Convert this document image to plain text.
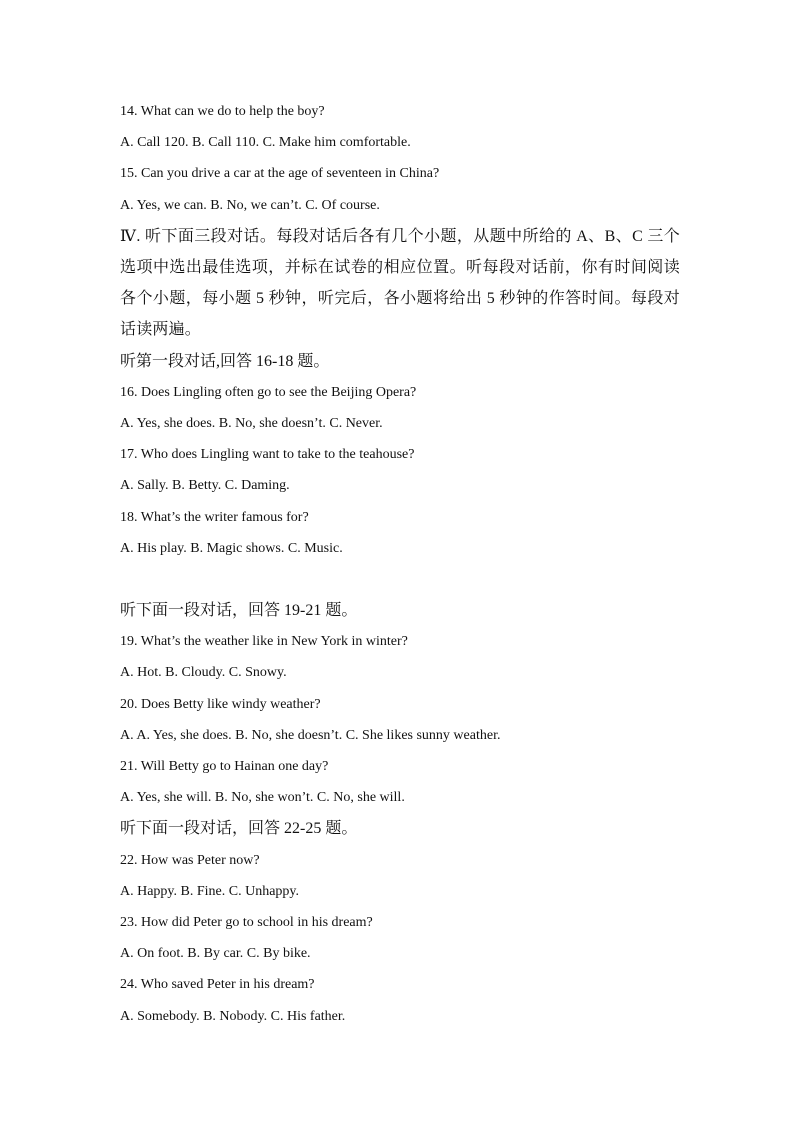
14. What can we do to help the boy?
A. Call 120. B. Call 110. C. Make him comfortable.
15. Can you drive a car at the age of seventeen in China?
A. Yes, we can. B. No, we can’t. C. Of course.
Ⅳ. 听下面三段对话。每段对话后各有几个小题，从题中所给的 A、B、C 三个选项中选出最佳选项，并标在试卷的相应位置。听每段对话前，你有时间阅读各个小题，每小题 5 秒钟，听完后，各小题将给出 5 秒钟的作答时间。每段对话读两遍。
听第一段对话,回答 16-18 题。
16. Does Lingling often go to see the Beijing Opera?
A. Yes, she does. B. No, she doesn’t. C. Never.
17. Who does Lingling want to take to the teahouse?
A. Sally. B. Betty. C. Daming.
18. What’s the writer famous for?
A. His play. B. Magic shows. C. Music.
听下面一段对话，回答 19-21 题。
19. What’s the weather like in New York in winter?
A. Hot. B. Cloudy. C. Snowy.
20. Does Betty like windy weather?
A. A. Yes, she does. B. No, she doesn’t. C. She likes sunny weather.
21. Will Betty go to Hainan one day?
A. Yes, she will. B. No, she won’t. C. No, she will.
听下面一段对话，回答 22-25 题。
22. How was Peter now?
A. Happy. B. Fine. C. Unhappy.
23. How did Peter go to school in his dream?
A. On foot. B. By car. C. By bike.
24. Who saved Peter in his dream?
A. Somebody. B. Nobody. C. His father.
